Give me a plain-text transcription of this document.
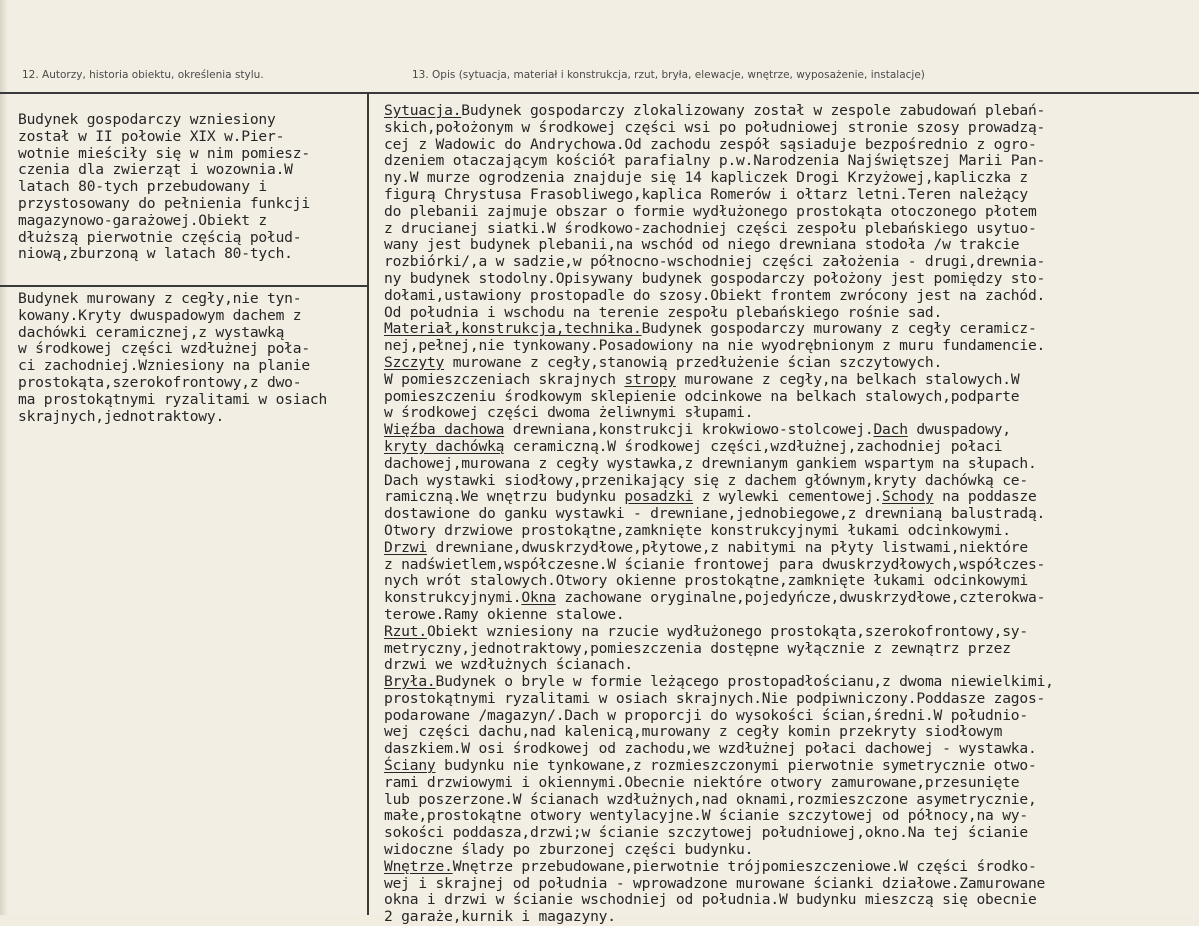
12. Autorzy, historia obiektu, określenia stylu.	13. Opis (sytuacja, materiał i konstrukcja, rzut, bryła, elewacje, wnętrze, wyposażenie, instalacje)
Budynek gospodarczy wzniesiony
został w II połowie XIX w.Pier-
wotnie mieściły się w nim pomiesz-
czenia dla zwierząt i wozownia.W
latach 80-tych przebudowany i
przystosowany do pełnienia funkcji
magazynowo-garażowej.Obiekt z
dłuższą pierwotnie częścią połud-
niową,zburzoną w latach 80-tych.
Budynek murowany z cegły,nie tyn-
kowany.Kryty dwuspadowym dachem z
dachówki ceramicznej,z wystawką
w środkowej części wzdłużnej poła-
ci zachodniej.Wzniesiony na planie
prostokąta,szerokofrontowy,z dwo-
ma prostokątnymi ryzalitami w osiach
skrajnych,jednotraktowy.
Sytuacja.Budynek gospodarczy zlokalizowany został w zespole zabudowań plebań-
skich,położonym w środkowej części wsi po południowej stronie szosy prowadzą-
cej z Wadowic do Andrychowa.Od zachodu zespół sąsiaduje bezpośrednio z ogro-
dzeniem otaczającym kościół parafialny p.w.Narodzenia Najświętszej Marii Pan-
ny.W murze ogrodzenia znajduje się 14 kapliczek Drogi Krzyżowej,kapliczka z
figurą Chrystusa Frasobliwego,kaplica Romerów i ołtarz letni.Teren należący
do plebanii zajmuje obszar o formie wydłużonego prostokąta otoczonego płotem
z drucianej siatki.W środkowo-zachodniej części zespołu plebańskiego usytuo-
wany jest budynek plebanii,na wschód od niego drewniana stodoła /w trakcie
rozbiórki/,a w sadzie,w północno-wschodniej części założenia - drugi,drewnia-
ny budynek stodolny.Opisywany budynek gospodarczy położony jest pomiędzy sto-
dołami,ustawiony prostopadle do szosy.Obiekt frontem zwrócony jest na zachód.
Od południa i wschodu na terenie zespołu plebańskiego rośnie sad.
Materiał,konstrukcja,technika.Budynek gospodarczy murowany z cegły ceramicz-
nej,pełnej,nie tynkowany.Posadowiony na nie wyodrębnionym z muru fundamencie.
Szczyty murowane z cegły,stanowią przedłużenie ścian szczytowych.
W pomieszczeniach skrajnych stropy murowane z cegły,na belkach stalowych.W
pomieszczeniu środkowym sklepienie odcinkowe na belkach stalowych,podparte
w środkowej części dwoma żeliwnymi słupami.
Więźba dachowa drewniana,konstrukcji krokwiowo-stolcowej.Dach dwuspadowy,
kryty dachówką ceramiczną.W środkowej części,wzdłużnej,zachodniej połaci
dachowej,murowana z cegły wystawka,z drewnianym gankiem wspartym na słupach.
Dach wystawki siodłowy,przenikający się z dachem głównym,kryty dachówką ce-
ramiczną.We wnętrzu budynku posadzki z wylewki cementowej.Schody na poddasze
dostawione do ganku wystawki - drewniane,jednobiegowe,z drewnianą balustradą.
Otwory drzwiowe prostokątne,zamknięte konstrukcyjnymi łukami odcinkowymi.
Drzwi drewniane,dwuskrzydłowe,płytowe,z nabitymi na płyty listwami,niektóre
z nadświetlem,współczesne.W ścianie frontowej para dwuskrzydłowych,współczes-
nych wrót stalowych.Otwory okienne prostokątne,zamknięte łukami odcinkowymi
konstrukcyjnymi.Okna zachowane oryginalne,pojedyńcze,dwuskrzydłowe,czterokwa-
terowe.Ramy okienne stalowe.
Rzut.Obiekt wzniesiony na rzucie wydłużonego prostokąta,szerokofrontowy,sy-
metryczny,jednotraktowy,pomieszczenia dostępne wyłącznie z zewnątrz przez
drzwi we wzdłużnych ścianach.
Bryła.Budynek o bryle w formie leżącego prostopadłościanu,z dwoma niewielkimi,
prostokątnymi ryzalitami w osiach skrajnych.Nie podpiwniczony.Poddasze zagos-
podarowane /magazyn/.Dach w proporcji do wysokości ścian,średni.W południo-
wej części dachu,nad kalenicą,murowany z cegły komin przekryty siodłowym
daszkiem.W osi środkowej od zachodu,we wzdłużnej połaci dachowej - wystawka.
Ściany budynku nie tynkowane,z rozmieszczonymi pierwotnie symetrycznie otwo-
rami drzwiowymi i okiennymi.Obecnie niektóre otwory zamurowane,przesunięte
lub poszerzone.W ścianach wzdłużnych,nad oknami,rozmieszczone asymetrycznie,
małe,prostokątne otwory wentylacyjne.W ścianie szczytowej od północy,na wy-
sokości poddasza,drzwi;w ścianie szczytowej południowej,okno.Na tej ścianie
widoczne ślady po zburzonej części budynku.
Wnętrze.Wnętrze przebudowane,pierwotnie trójpomieszczeniowe.W części środko-
wej i skrajnej od południa - wprowadzone murowane ścianki działowe.Zamurowane
okna i drzwi w ścianie wschodniej od południa.W budynku mieszczą się obecnie
2 garaże,kurnik i magazyny.
